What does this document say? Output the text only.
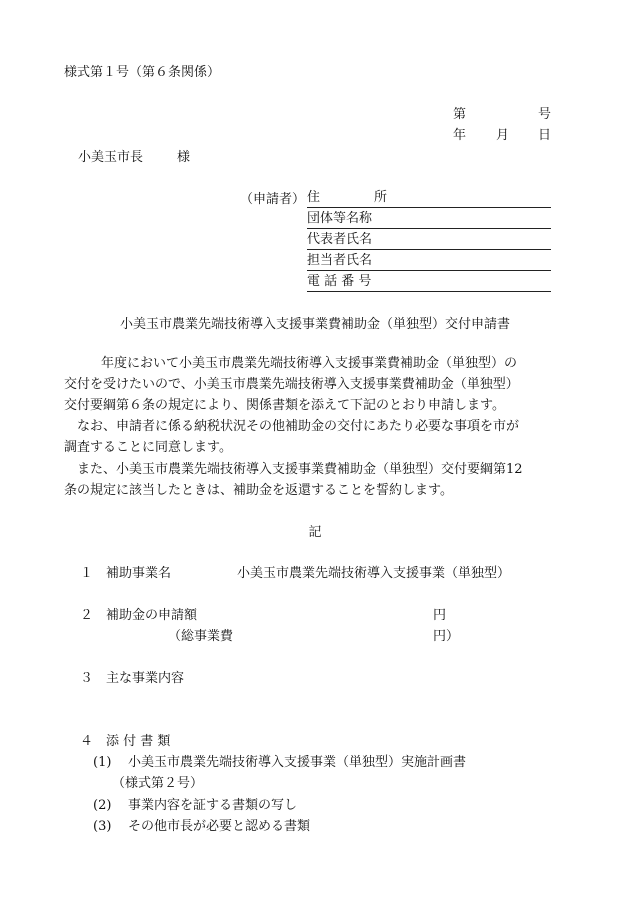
様式第１号（第６条関係）
第	号
年 月 日
小美玉市長	様
（申請者） 住　　所
団体等名称
代表者氏名
担当者氏名
電 話 番 号
小美玉市農業先端技術導入支援事業費補助金（単独型）交付申請書
年度において小美玉市農業先端技術導入支援事業費補助金（単独型）の
交付を受けたいので、小美玉市農業先端技術導入支援事業費補助金（単独型）
交付要綱第６条の規定により、関係書類を添えて下記のとおり申請します。
なお、申請者に係る納税状況その他補助金の交付にあたり必要な事項を市が
調査することに同意します。
また、小美玉市農業先端技術導入支援事業費補助金（単独型）交付要綱第12
条の規定に該当したときは、補助金を返還することを誓約します。
記
１ 補助事業名	小美玉市農業先端技術導入支援事業（単独型）
２ 補助金の申請額	円
（総事業費	円）
３ 主な事業内容
４ 添 付 書 類
(1) 小美玉市農業先端技術導入支援事業（単独型）実施計画書
（様式第２号）
(2) 事業内容を証する書類の写し
(3) その他市長が必要と認める書類
